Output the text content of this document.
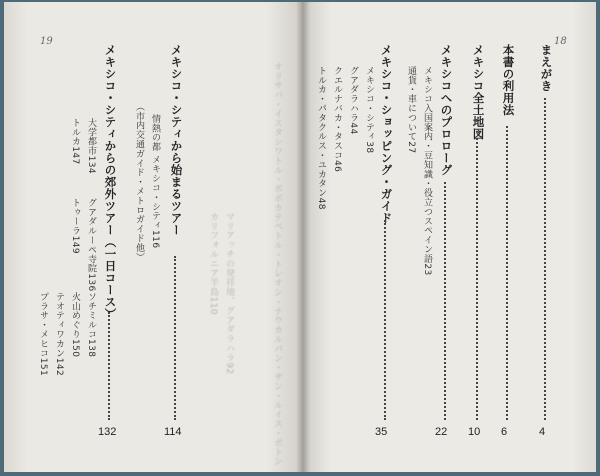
19	18
まえがき
4
本書の利用法
6
メキシコ全土地図
10
メキシコへのプロローグ
22
メキシコ入国案内・豆知識・役立つスペイン語23
通貨・車について27
メキシコ・ショッピング・ガイド
35
メキシコ・シティ38
グアダラハラ44
クエルナバカ・タスコ46
トルカ・パタクルス・ユカタン48
オリサバ・イスタシワトル・ポポカテペトル・トレオン・ナウカルパン・サン・ルイス・ポトシ
マリアッチの発祥地、グアダラハラ92
カリフォルニア半島110
メキシコ・シティから始まるツアー
114
情熱の都 メキシコ・シティ116
（市内交通ガイド・メトロガイド他）
メキシコ・シティからの郊外ツアー（一日コース）
132
大学都市134
トルカ147
グアダルーペ寺院136
トゥーラ149
ソチミルコ138
火山めぐり150
テオティワカン142
プラサ・メヒコ151
